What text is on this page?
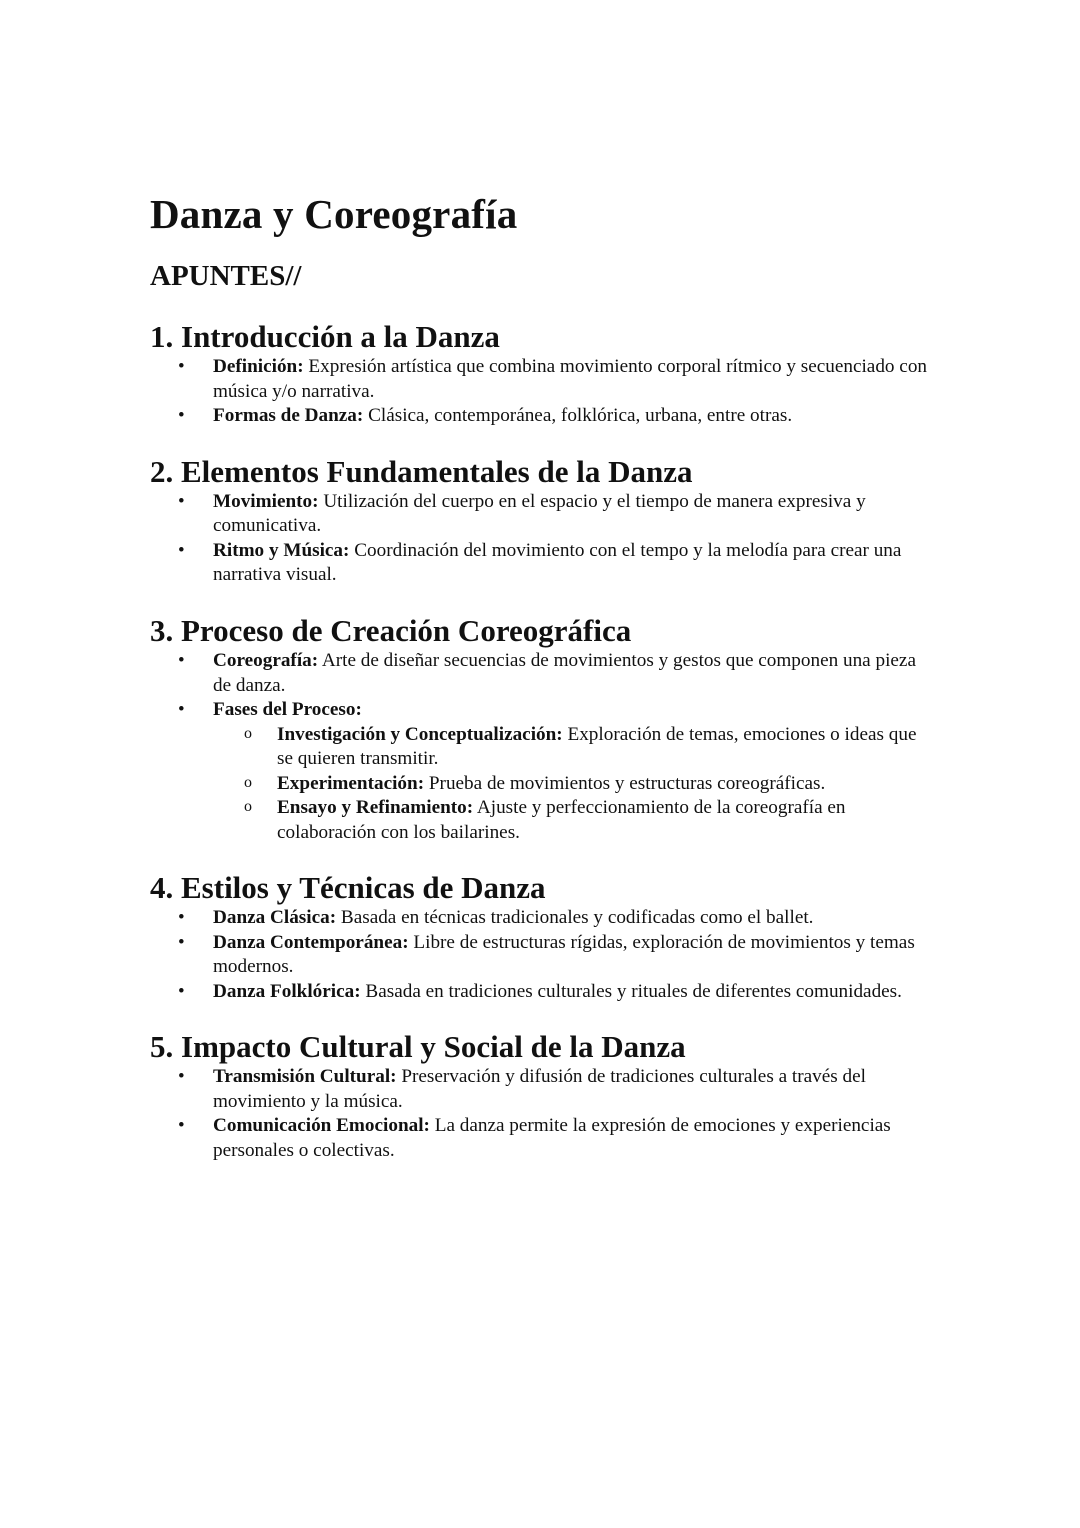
Danza y Coreografía
APUNTES//
1. Introducción a la Danza
• Definición: Expresión artística que combina movimiento corporal rítmico y secuenciado con música y/o narrativa.
• Formas de Danza: Clásica, contemporánea, folklórica, urbana, entre otras.
2. Elementos Fundamentales de la Danza
• Movimiento: Utilización del cuerpo en el espacio y el tiempo de manera expresiva y comunicativa.
• Ritmo y Música: Coordinación del movimiento con el tempo y la melodía para crear una narrativa visual.
3. Proceso de Creación Coreográfica
• Coreografía: Arte de diseñar secuencias de movimientos y gestos que componen una pieza de danza.
• Fases del Proceso:
o Investigación y Conceptualización: Exploración de temas, emociones o ideas que se quieren transmitir.
o Experimentación: Prueba de movimientos y estructuras coreográficas.
o Ensayo y Refinamiento: Ajuste y perfeccionamiento de la coreografía en colaboración con los bailarines.
4. Estilos y Técnicas de Danza
• Danza Clásica: Basada en técnicas tradicionales y codificadas como el ballet.
• Danza Contemporánea: Libre de estructuras rígidas, exploración de movimientos y temas modernos.
• Danza Folklórica: Basada en tradiciones culturales y rituales de diferentes comunidades.
5. Impacto Cultural y Social de la Danza
• Transmisión Cultural: Preservación y difusión de tradiciones culturales a través del movimiento y la música.
• Comunicación Emocional: La danza permite la expresión de emociones y experiencias personales o colectivas.
